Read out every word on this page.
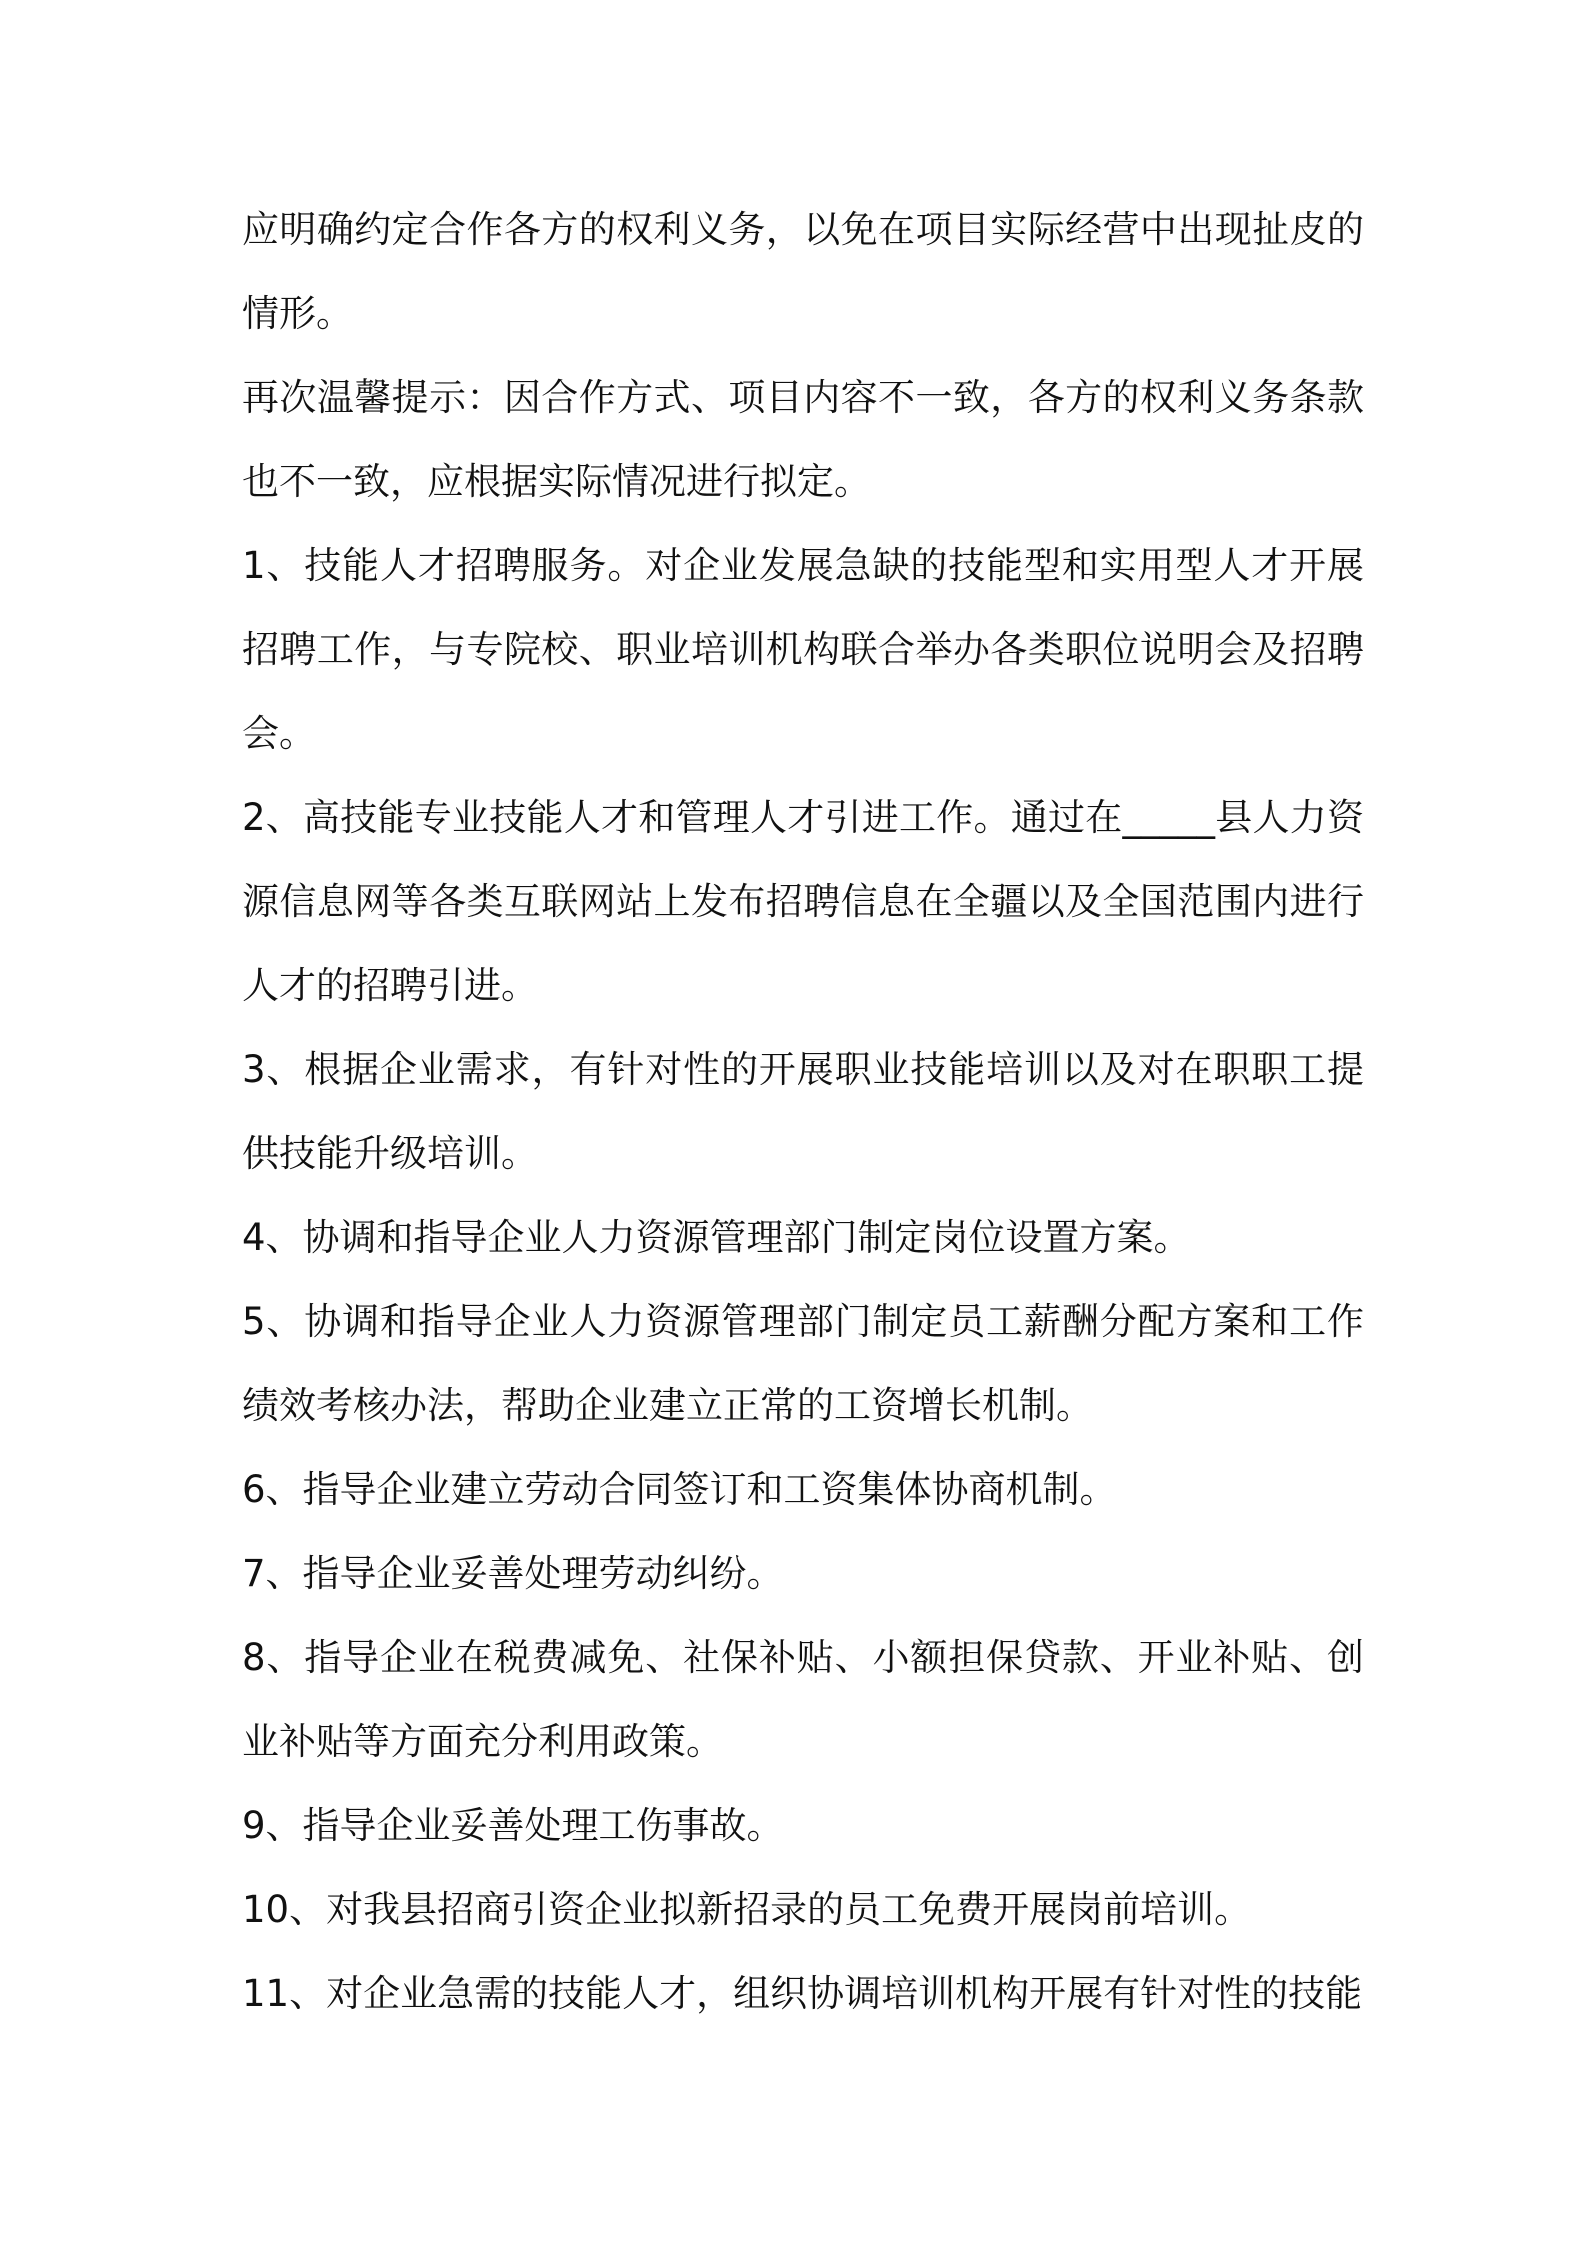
应明确约定合作各方的权利义务，以免在项目实际经营中出现扯皮的情形。

再次温馨提示：因合作方式、项目内容不一致，各方的权利义务条款也不一致，应根据实际情况进行拟定。

1、技能人才招聘服务。对企业发展急缺的技能型和实用型人才开展招聘工作，与专院校、职业培训机构联合举办各类职位说明会及招聘会。

2、高技能专业技能人才和管理人才引进工作。通过在_____县人力资源信息网等各类互联网站上发布招聘信息在全疆以及全国范围内进行人才的招聘引进。

3、根据企业需求，有针对性的开展职业技能培训以及对在职职工提供技能升级培训。

4、协调和指导企业人力资源管理部门制定岗位设置方案。

5、协调和指导企业人力资源管理部门制定员工薪酬分配方案和工作绩效考核办法，帮助企业建立正常的工资增长机制。

6、指导企业建立劳动合同签订和工资集体协商机制。

7、指导企业妥善处理劳动纠纷。

8、指导企业在税费减免、社保补贴、小额担保贷款、开业补贴、创业补贴等方面充分利用政策。

9、指导企业妥善处理工伤事故。

10、对我县招商引资企业拟新招录的员工免费开展岗前培训。

11、对企业急需的技能人才，组织协调培训机构开展有针对性的技能
